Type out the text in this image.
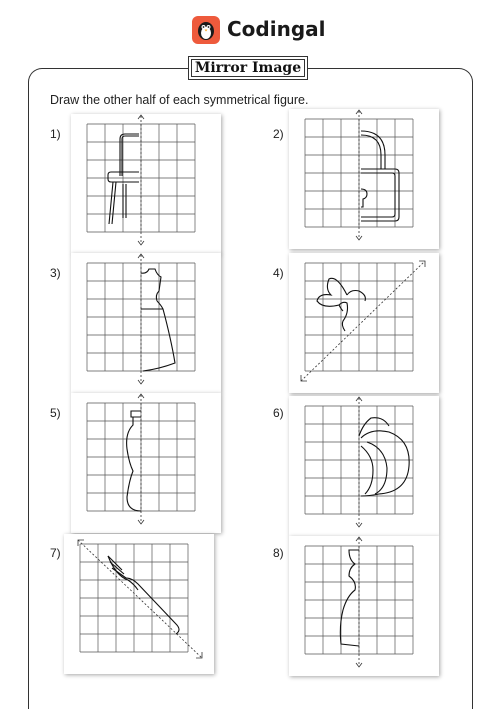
Codingal
Mirror Image
Draw the other half of each symmetrical figure.
1)	2)
3)	4)
5)	6)
7)	8)
